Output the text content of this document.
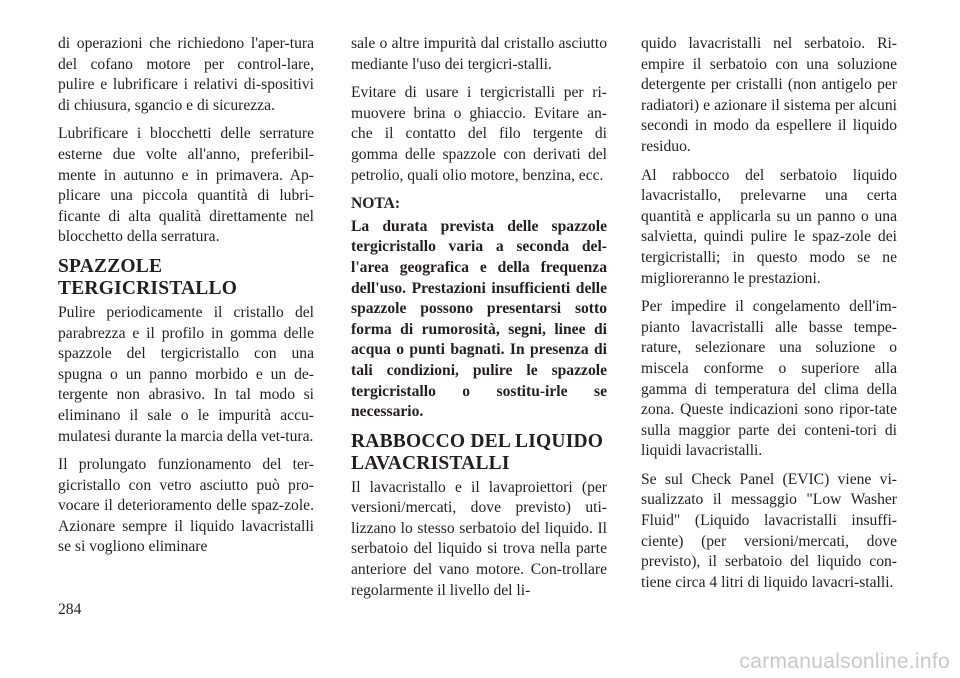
di operazioni che richiedono l'aper-tura del cofano motore per control-lare, pulire e lubrificare i relativi di-spositivi di chiusura, sgancio e di sicurezza.

Lubrificare i blocchetti delle serrature esterne due volte all'anno, preferibil-mente in autunno e in primavera. Ap-plicare una piccola quantità di lubri-ficante di alta qualità direttamente nel blocchetto della serratura.

SPAZZOLE TERGICRISTALLO

Pulire periodicamente il cristallo del parabrezza e il profilo in gomma delle spazzole del tergicristallo con una spugna o un panno morbido e un de-tergente non abrasivo. In tal modo si eliminano il sale o le impurità accu-mulatesi durante la marcia della vet-tura.

Il prolungato funzionamento del ter-gicristallo con vetro asciutto può pro-vocare il deterioramento delle spaz-zole. Azionare sempre il liquido lavacristalli se si vogliono eliminare

sale o altre impurità dal cristallo asciutto mediante l'uso dei tergicri-stalli.

Evitare di usare i tergicristalli per ri-muovere brina o ghiaccio. Evitare an-che il contatto del filo tergente di gomma delle spazzole con derivati del petrolio, quali olio motore, benzina, ecc.

NOTA:

La durata prevista delle spazzole tergicristallo varia a seconda del-l'area geografica e della frequenza dell'uso. Prestazioni insufficienti delle spazzole possono presentarsi sotto forma di rumorosità, segni, linee di acqua o punti bagnati. In presenza di tali condizioni, pulire le spazzole tergicristallo o sostitu-irle se necessario.

RABBOCCO DEL LIQUIDO LAVACRISTALLI

Il lavacristallo e il lavaproiettori (per versioni/mercati, dove previsto) uti-lizzano lo stesso serbatoio del liquido. Il serbatoio del liquido si trova nella parte anteriore del vano motore. Con-trollare regolarmente il livello del li-

quido lavacristalli nel serbatoio. Ri-empire il serbatoio con una soluzione detergente per cristalli (non antigelo per radiatori) e azionare il sistema per alcuni secondi in modo da espellere il liquido residuo.

Al rabbocco del serbatoio liquido lavacristallo, prelevarne una certa quantità e applicarla su un panno o una salvietta, quindi pulire le spaz-zole dei tergicristalli; in questo modo se ne miglioreranno le prestazioni.

Per impedire il congelamento dell'im-pianto lavacristalli alle basse tempe-rature, selezionare una soluzione o miscela conforme o superiore alla gamma di temperatura del clima della zona. Queste indicazioni sono ripor-tate sulla maggior parte dei conteni-tori di liquidi lavacristalli.

Se sul Check Panel (EVIC) viene vi-sualizzato il messaggio "Low Washer Fluid" (Liquido lavacristalli insuffi-ciente) (per versioni/mercati, dove previsto), il serbatoio del liquido con-tiene circa 4 litri di liquido lavacri-stalli.

284
carmanualsonline.info
